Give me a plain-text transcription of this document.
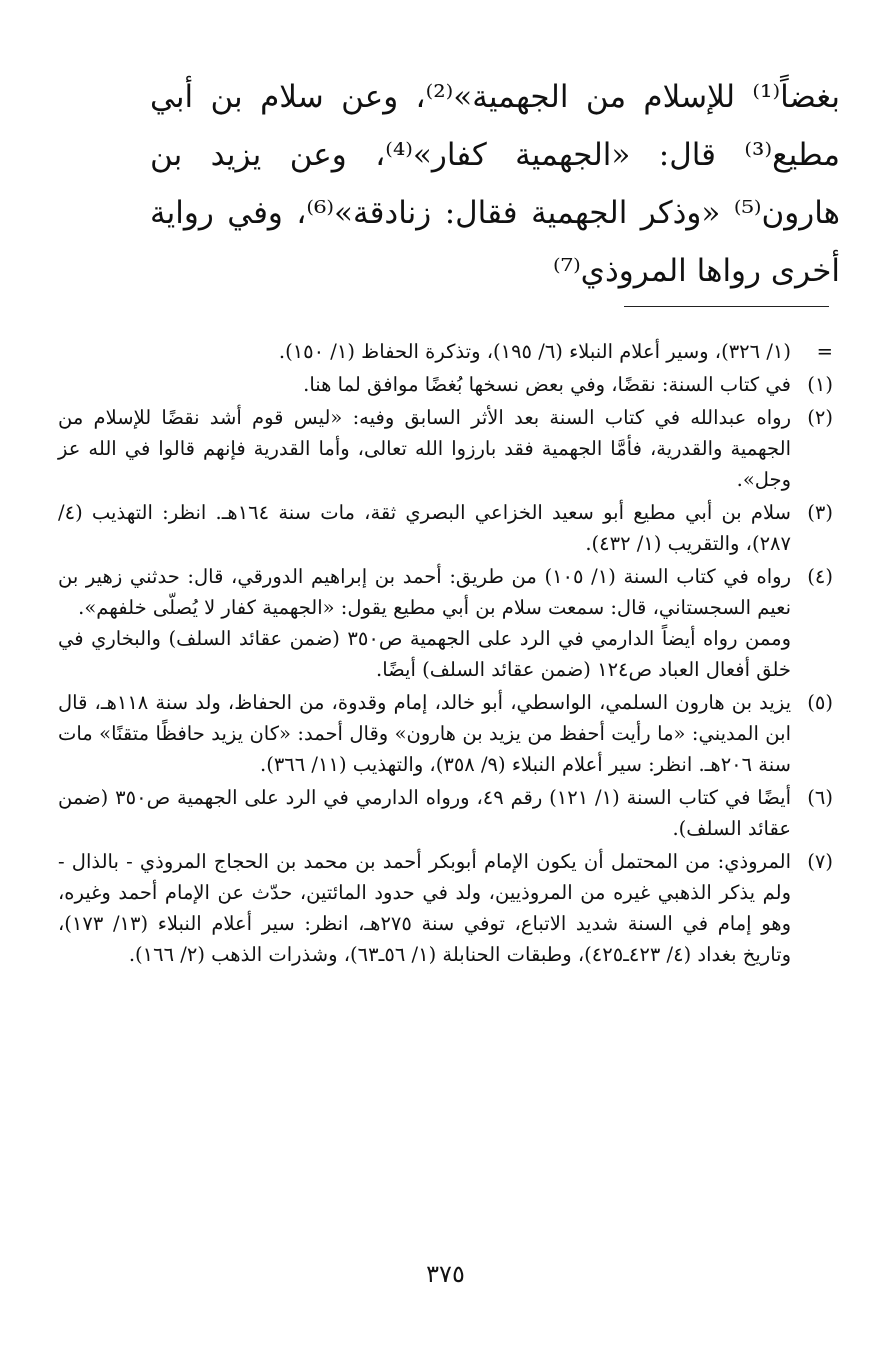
بغضاً⁽¹⁾ للإسلام من الجهمية»⁽²⁾، وعن سلام بن أبي مطيع⁽³⁾ قال: «الجهمية كفار»⁽⁴⁾، وعن يزيد بن هارون⁽⁵⁾ «وذكر الجهمية فقال: زنادقة»⁽⁶⁾، وفي رواية أخرى رواها المروذي⁽⁷⁾

=
(١/ ٣٢٦)، وسير أعلام النبلاء (٦/ ١٩٥)، وتذكرة الحفاظ (١/ ١٥٠).
(١)

في كتاب السنة: نقضًا، وفي بعض نسخها بُغضًا موافق لما هنا.

(٢)

رواه عبدالله في كتاب السنة بعد الأثر السابق وفيه: «ليس قوم أشد نقضًا للإسلام من الجهمية والقدرية، فأمَّا الجهمية فقد بارزوا الله تعالى، وأما القدرية فإنهم قالوا في الله عز وجل».

(٣)

سلام بن أبي مطيع أبو سعيد الخزاعي البصري ثقة، مات سنة ١٦٤هـ. انظر: التهذيب (٤/ ٢٨٧)، والتقريب (١/ ٤٣٢).

(٤)

رواه في كتاب السنة (١/ ١٠٥) من طريق: أحمد بن إبراهيم الدورقي، قال: حدثني زهير بن نعيم السجستاني، قال: سمعت سلام بن أبي مطيع يقول: «الجهمية كفار لا يُصلّى خلفهم».

وممن رواه أيضاً الدارمي في الرد على الجهمية ص٣٥٠ (ضمن عقائد السلف) والبخاري في خلق أفعال العباد ص١٢٤ (ضمن عقائد السلف) أيضًا.

(٥)

يزيد بن هارون السلمي، الواسطي، أبو خالد، إمام وقدوة، من الحفاظ، ولد سنة ١١٨هـ، قال ابن المديني: «ما رأيت أحفظ من يزيد بن هارون» وقال أحمد: «كان يزيد حافظًا متقنًا» مات سنة ٢٠٦هـ. انظر: سير أعلام النبلاء (٩/ ٣٥٨)، والتهذيب (١١/ ٣٦٦).

(٦)

أيضًا في كتاب السنة (١/ ١٢١) رقم ٤٩، ورواه الدارمي في الرد على الجهمية ص٣٥٠ (ضمن عقائد السلف).

(٧)

المروذي: من المحتمل أن يكون الإمام أبوبكر أحمد بن محمد بن الحجاج المروذي - بالذال - ولم يذكر الذهبي غيره من المروذيين، ولد في حدود المائتين، حدّث عن الإمام أحمد وغيره، وهو إمام في السنة شديد الاتباع، توفي سنة ٢٧٥هـ، انظر: سير أعلام النبلاء (١٣/ ١٧٣)، وتاريخ بغداد (٤/ ٤٢٣ـ٤٢٥)، وطبقات الحنابلة (١/ ٥٦ـ٦٣)، وشذرات الذهب (٢/ ١٦٦).

٣٧٥
